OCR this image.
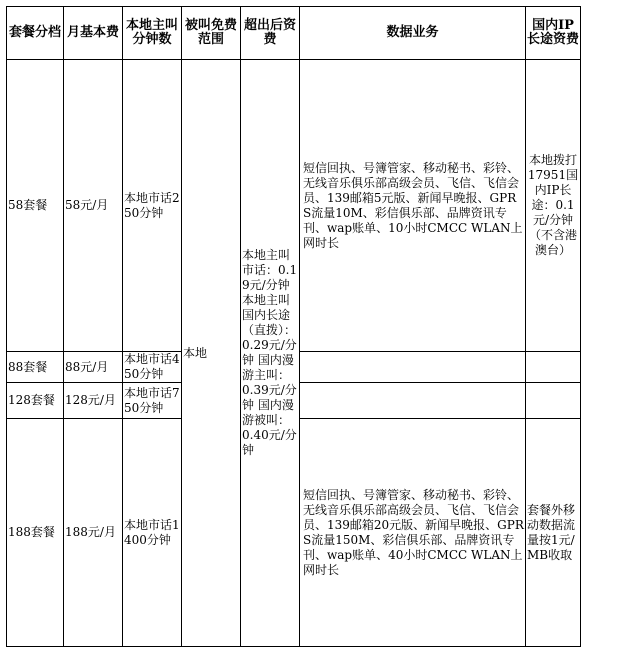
套餐分档	月基本费	本地主叫分钟数	被叫免费范围	超出后资费	数据业务	国内IP长途资费
58套餐	58元/月	本地市话250分钟	本地	本地主叫市话：0.19元/分钟 本地主叫国内长途（直拨）：0.29元/分钟 国内漫游主叫：0.39元/分钟 国内漫游被叫：0.40元/分钟	短信回执、号簿管家、移动秘书、彩铃、无线音乐俱乐部高级会员、飞信、飞信会员、139邮箱5元版、新闻早晚报、GPRS流量10M、彩信俱乐部、品牌资讯专刊、wap账单、10小时CMCC WLAN上网时长	本地拨打17951国内IP长途：0.1元/分钟（不含港澳台）
88套餐	88元/月	本地市话450分钟				
128套餐	128元/月	本地市话750分钟				
188套餐	188元/月	本地市话1400分钟			短信回执、号簿管家、移动秘书、彩铃、无线音乐俱乐部高级会员、飞信、飞信会员、139邮箱20元版、新闻早晚报、GPRS流量150M、彩信俱乐部、品牌资讯专刊、wap账单、40小时CMCC WLAN上网时长	套餐外移动数据流量按1元/MB收取
